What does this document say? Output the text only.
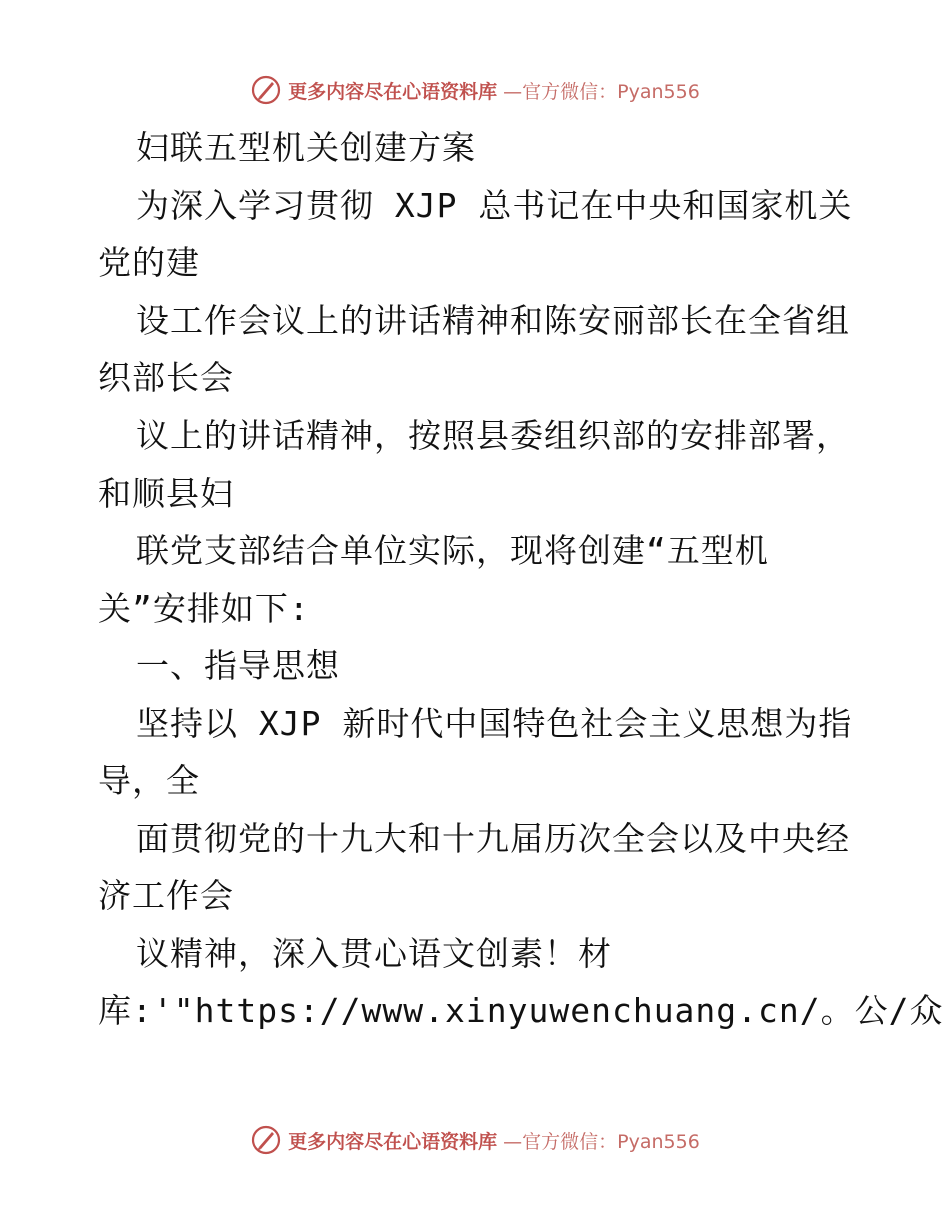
更多内容尽在心语资料库 —官方微信：Pyan556
妇联五型机关创建方案
为深入学习贯彻 XJP 总书记在中央和国家机关
党的建
设工作会议上的讲话精神和陈安丽部长在全省组
织部长会
议上的讲话精神，按照县委组织部的安排部署，
和顺县妇
联党支部结合单位实际，现将创建“五型机
关”安排如下:
一、指导思想
坚持以 XJP 新时代中国特色社会主义思想为指
导，全
面贯彻党的十九大和十九届历次全会以及中央经
济工作会
议精神，深入贯心语文创素！材
库:'"https://www.xinyuwenchuang.cn/。公/众
更多内容尽在心语资料库 —官方微信：Pyan556
